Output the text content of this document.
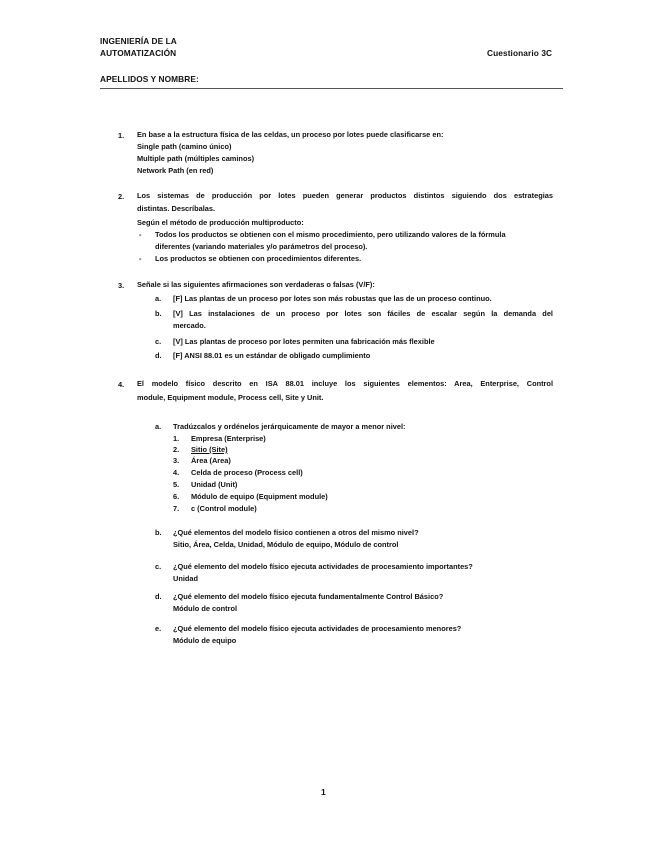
INGENIERÍA DE LA
AUTOMATIZACIÓN	Cuestionario 3C
APELLIDOS Y NOMBRE:
1. En base a la estructura física de las celdas, un proceso por lotes puede clasificarse en:
Single path (camino único)
Multiple path (múltiples caminos)
Network Path (en red)
2. Los sistemas de producción por lotes pueden generar productos distintos siguiendo dos estrategias
distintas. Descríbalas.
Según el método de producción multiproducto:
- Todos los productos se obtienen con el mismo procedimiento, pero utilizando valores de la fórmula
diferentes (variando materiales y/o parámetros del proceso).
- Los productos se obtienen con procedimientos diferentes.
3. Señale si las siguientes afirmaciones son verdaderas o falsas (V/F):
a. [F] Las plantas de un proceso por lotes son más robustas que las de un proceso continuo.
b. [V] Las instalaciones de un proceso por lotes son fáciles de escalar según la demanda del
mercado.
c. [V] Las plantas de proceso por lotes permiten una fabricación más flexible
d. [F] ANSI 88.01 es un estándar de obligado cumplimiento
4. El modelo físico descrito en ISA 88.01 incluye los siguientes elementos: Area, Enterprise, Control
module, Equipment module, Process cell, Site y Unit.
a. Tradúzcalos y ordénelos jerárquicamente de mayor a menor nivel:
1. Empresa (Enterprise)
2. Sitio (Site)
3. Área (Area)
4. Celda de proceso (Process cell)
5. Unidad (Unit)
6. Módulo de equipo (Equipment module)
7. c (Control module)
b. ¿Qué elementos del modelo físico contienen a otros del mismo nivel?
Sitio, Área, Celda, Unidad, Módulo de equipo, Módulo de control
c. ¿Qué elemento del modelo físico ejecuta actividades de procesamiento importantes?
Unidad
d. ¿Qué elemento del modelo físico ejecuta fundamentalmente Control Básico?
Módulo de control
e. ¿Qué elemento del modelo físico ejecuta actividades de procesamiento menores?
Módulo de equipo
1
